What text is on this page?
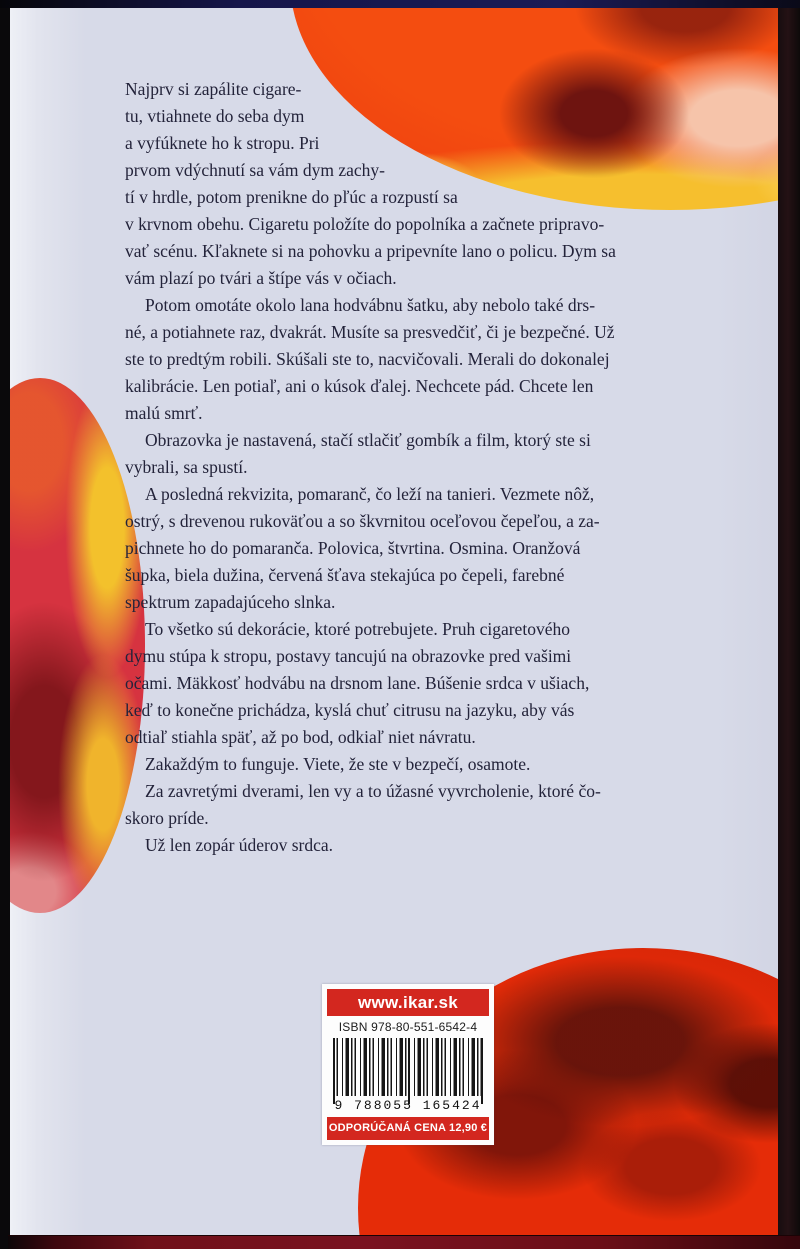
Najprv si zapálite cigare-
tu, vtiahnete do seba dym
a vyfúknete ho k stropu. Pri
prvom vdýchnutí sa vám dym zachy-
tí v hrdle, potom prenikne do pľúc a rozpustí sa
v krvnom obehu. Cigaretu položíte do popolníka a začnete pripravo-
vať scénu. Kľaknete si na pohovku a pripevníte lano o policu. Dym sa
vám plazí po tvári a štípe vás v očiach.
Potom omotáte okolo lana hodvábnu šatku, aby nebolo také drs-
né, a potiahnete raz, dvakrát. Musíte sa presvedčiť, či je bezpečné. Už
ste to predtým robili. Skúšali ste to, nacvičovali. Merali do dokonalej
kalibrácie. Len potiaľ, ani o kúsok ďalej. Nechcete pád. Chcete len
malú smrť.
Obrazovka je nastavená, stačí stlačiť gombík a film, ktorý ste si
vybrali, sa spustí.
A posledná rekvizita, pomaranč, čo leží na tanieri. Vezmete nôž,
ostrý, s drevenou rukoväťou a so škvrnitou oceľovou čepeľou, a za-
pichnete ho do pomaranča. Polovica, štvrtina. Osmina. Oranžová
šupka, biela dužina, červená šťava stekajúca po čepeli, farebné
spektrum zapadajúceho slnka.
To všetko sú dekorácie, ktoré potrebujete. Pruh cigaretového
dymu stúpa k stropu, postavy tancujú na obrazovke pred vašimi
očami. Mäkkosť hodvábu na drsnom lane. Búšenie srdca v ušiach,
keď to konečne prichádza, kyslá chuť citrusu na jazyku, aby vás
odtiaľ stiahla späť, až po bod, odkiaľ niet návratu.
Zakaždým to funguje. Viete, že ste v bezpečí, osamote.
Za zavretými dverami, len vy a to úžasné vyvrcholenie, ktoré čo-
skoro príde.
Už len zopár úderov srdca.
www.ikar.sk
ISBN 978-80-551-6542-4
9 788055 165424
ODPORÚČANÁ CENA 12,90 €
